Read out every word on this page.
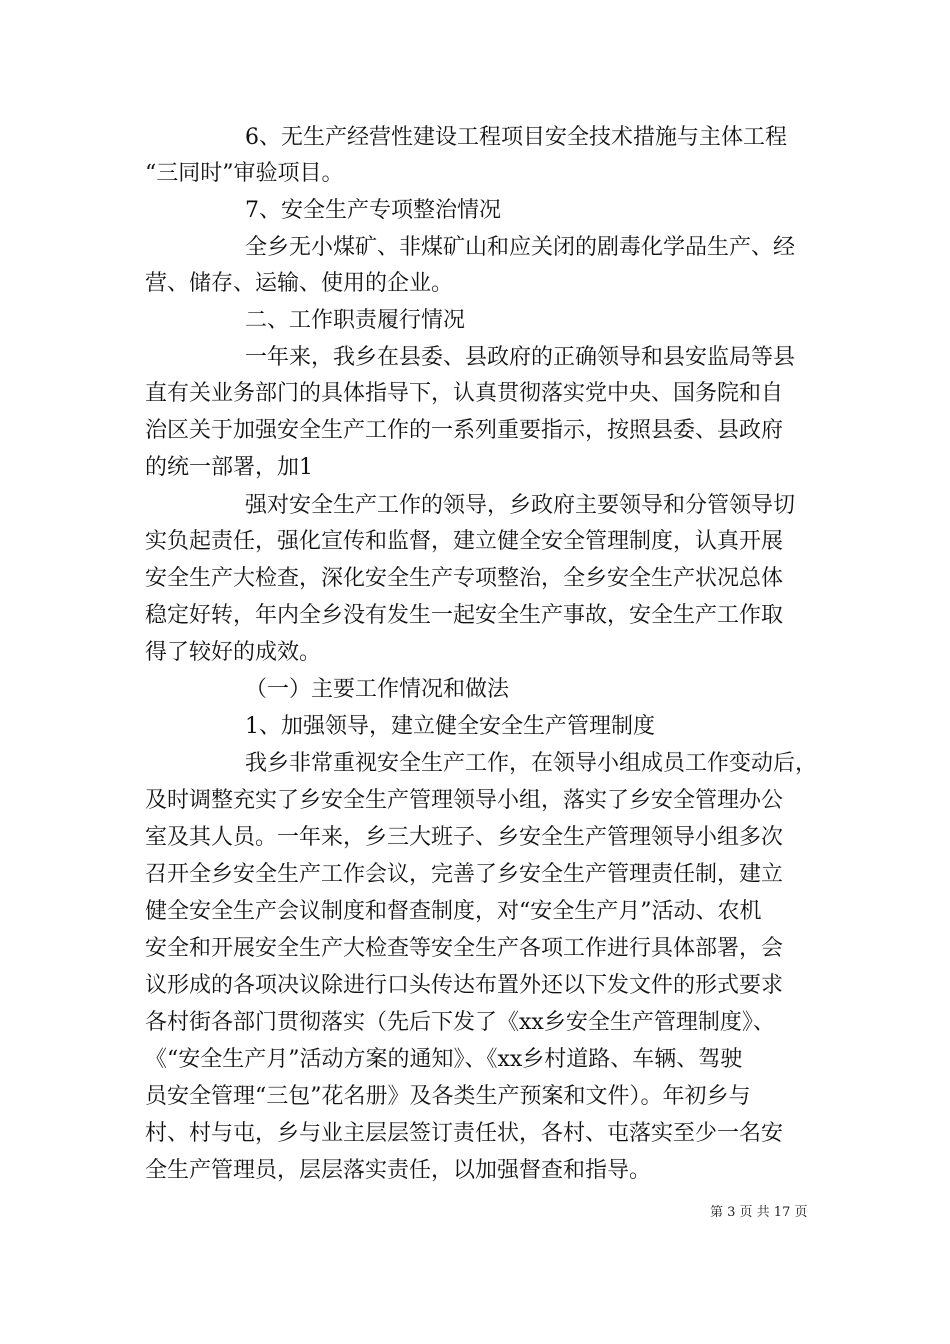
6、无生产经营性建设工程项目安全技术措施与主体工程
“三同时”审验项目。
7、安全生产专项整治情况
全乡无小煤矿、非煤矿山和应关闭的剧毒化学品生产、经
营、储存、运输、使用的企业。
二、工作职责履行情况
一年来，我乡在县委、县政府的正确领导和县安监局等县
直有关业务部门的具体指导下，认真贯彻落实党中央、国务院和自
治区关于加强安全生产工作的一系列重要指示，按照县委、县政府
的统一部署，加1
强对安全生产工作的领导，乡政府主要领导和分管领导切
实负起责任，强化宣传和监督，建立健全安全管理制度，认真开展
安全生产大检查，深化安全生产专项整治，全乡安全生产状况总体
稳定好转，年内全乡没有发生一起安全生产事故，安全生产工作取
得了较好的成效。
（一）主要工作情况和做法
1、加强领导，建立健全安全生产管理制度
我乡非常重视安全生产工作，在领导小组成员工作变动后，
及时调整充实了乡安全生产管理领导小组，落实了乡安全管理办公
室及其人员。一年来，乡三大班子、乡安全生产管理领导小组多次
召开全乡安全生产工作会议，完善了乡安全生产管理责任制，建立
健全安全生产会议制度和督查制度，对“安全生产月”活动、农机
安全和开展安全生产大检查等安全生产各项工作进行具体部署，会
议形成的各项决议除进行口头传达布置外还以下发文件的形式要求
各村街各部门贯彻落实（先后下发了《xx乡安全生产管理制度》、
《“安全生产月”活动方案的通知》、《xx乡村道路、车辆、驾驶
员安全管理“三包”花名册》及各类生产预案和文件）。年初乡与
村、村与屯，乡与业主层层签订责任状，各村、屯落实至少一名安
全生产管理员，层层落实责任，以加强督查和指导。
第 3 页 共 17 页
